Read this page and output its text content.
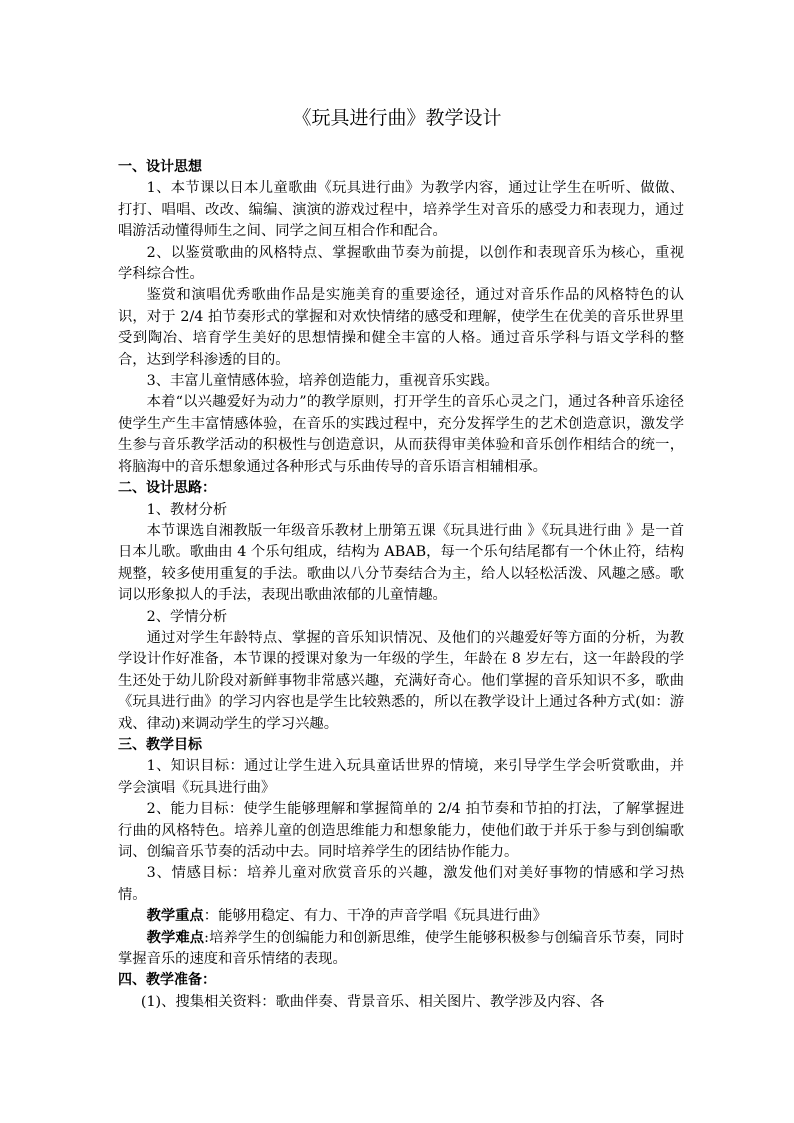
《玩具进行曲》教学设计

一、设计思想

1、本节课以日本儿童歌曲《玩具进行曲》为教学内容，通过让学生在听听、做做、打打、唱唱、改改、编编、演演的游戏过程中，培养学生对音乐的感受力和表现力，通过唱游活动懂得师生之间、同学之间互相合作和配合。

2、以鉴赏歌曲的风格特点、掌握歌曲节奏为前提，以创作和表现音乐为核心，重视学科综合性。

鉴赏和演唱优秀歌曲作品是实施美育的重要途径，通过对音乐作品的风格特色的认识，对于 2/4 拍节奏形式的掌握和对欢快情绪的感受和理解，使学生在优美的音乐世界里受到陶冶、培育学生美好的思想情操和健全丰富的人格。通过音乐学科与语文学科的整合，达到学科渗透的目的。

3、丰富儿童情感体验，培养创造能力，重视音乐实践。

本着“以兴趣爱好为动力”的教学原则，打开学生的音乐心灵之门，通过各种音乐途径使学生产生丰富情感体验，在音乐的实践过程中，充分发挥学生的艺术创造意识，激发学生参与音乐教学活动的积极性与创造意识，从而获得审美体验和音乐创作相结合的统一，将脑海中的音乐想象通过各种形式与乐曲传导的音乐语言相辅相承。

二、设计思路：

1、教材分析

本节课选自湘教版一年级音乐教材上册第五课《玩具进行曲 》《玩具进行曲 》是一首日本儿歌。歌曲由 4 个乐句组成，结构为 ABAB，每一个乐句结尾都有一个休止符，结构规整，较多使用重复的手法。歌曲以八分节奏结合为主，给人以轻松活泼、风趣之感。歌词以形象拟人的手法，表现出歌曲浓郁的儿童情趣。

2、学情分析

通过对学生年龄特点、掌握的音乐知识情况、及他们的兴趣爱好等方面的分析，为教学设计作好准备，本节课的授课对象为一年级的学生，年龄在 8 岁左右，这一年龄段的学生还处于幼儿阶段对新鲜事物非常感兴趣，充满好奇心。他们掌握的音乐知识不多，歌曲《玩具进行曲》的学习内容也是学生比较熟悉的，所以在教学设计上通过各种方式(如：游戏、律动)来调动学生的学习兴趣。

三、教学目标

1、知识目标：通过让学生进入玩具童话世界的情境，来引导学生学会听赏歌曲，并学会演唱《玩具进行曲》

2、能力目标：使学生能够理解和掌握简单的 2/4 拍节奏和节拍的打法，了解掌握进行曲的风格特色。培养儿童的创造思维能力和想象能力，使他们敢于并乐于参与到创编歌词、创编音乐节奏的活动中去。同时培养学生的团结协作能力。

3、情感目标：培养儿童对欣赏音乐的兴趣，激发他们对美好事物的情感和学习热情。

教学重点：能够用稳定、有力、干净的声音学唱《玩具进行曲》

教学难点:培养学生的创编能力和创新思维，使学生能够积极参与创编音乐节奏，同时掌握音乐的速度和音乐情绪的表现。

四、教学准备：

(1)、搜集相关资料：歌曲伴奏、背景音乐、相关图片、教学涉及内容、各
